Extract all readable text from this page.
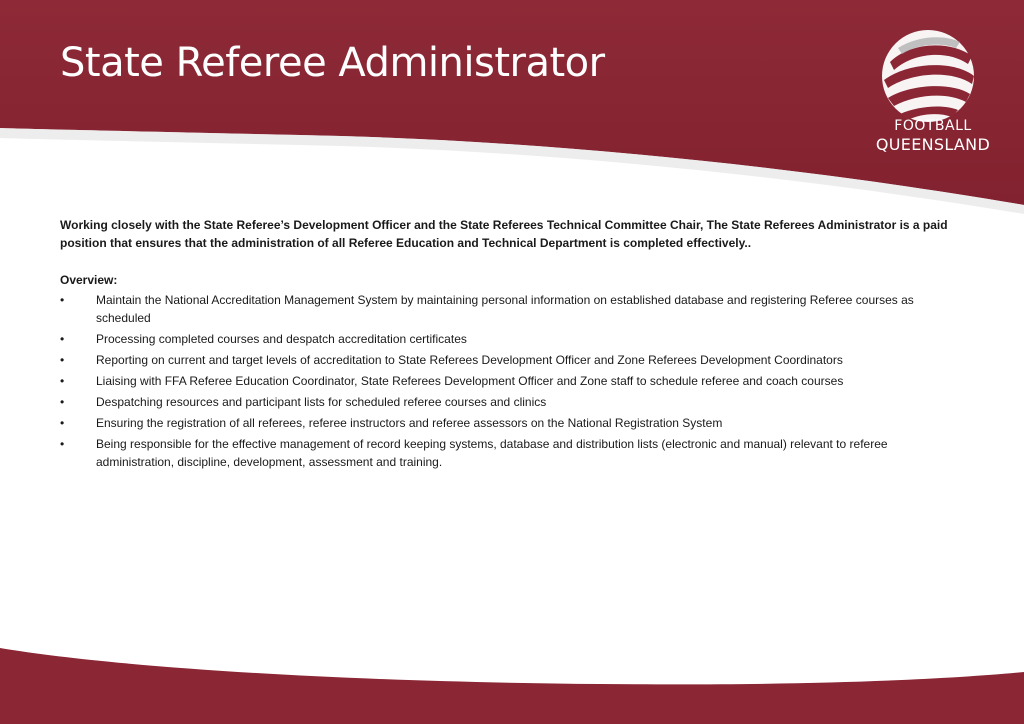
State Referee Administrator
FOOTBALL
QUEENSLAND

Working closely with the State Referee’s Development Officer and the State Referees Technical Committee Chair, The State Referees Administrator is a paid position that ensures that the administration of all Referee Education and Technical Department is completed effectively..

Overview:

•	Maintain the National Accreditation Management System by maintaining personal information on established database and registering Referee courses as scheduled
•	Processing completed courses and despatch accreditation certificates
•	Reporting on current and target levels of accreditation to State Referees Development Officer and Zone Referees Development Coordinators
•	Liaising with FFA Referee Education Coordinator, State Referees Development Officer and Zone staff to schedule referee and coach courses
•	Despatching resources and participant lists for scheduled referee courses and clinics
•	Ensuring the registration of all referees, referee instructors and referee assessors on the National Registration System
•	Being responsible for the effective management of record keeping systems, database and distribution lists (electronic and manual) relevant to referee administration, discipline, development, assessment and training.
